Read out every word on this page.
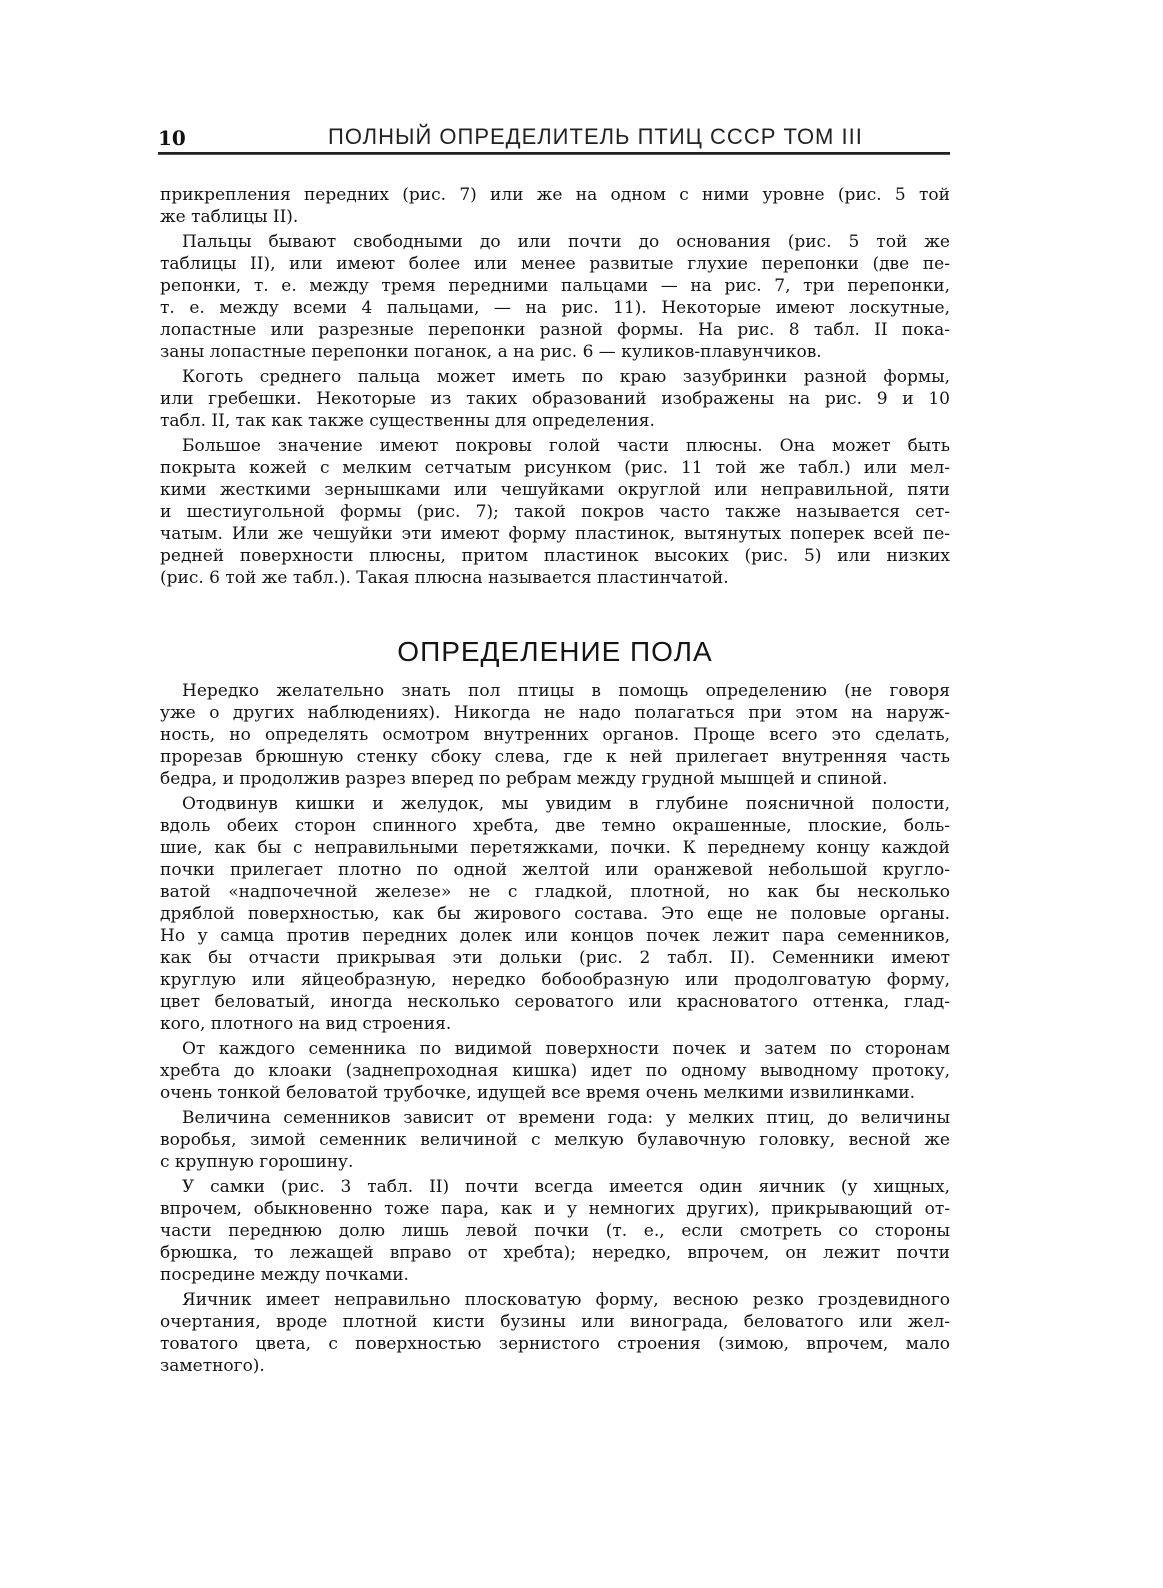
10	ПОЛНЫЙ ОПРЕДЕЛИТЕЛЬ ПТИЦ СССР ТОМ III
прикрепления передних (рис. 7) или же на одном с ними уровне (рис. 5 той
же таблицы II).
Пальцы бывают свободными до или почти до основания (рис. 5 той же
таблицы II), или имеют более или менее развитые глухие перепонки (две пе-
репонки, т. е. между тремя передними пальцами — на рис. 7, три перепонки,
т. е. между всеми 4 пальцами, — на рис. 11). Некоторые имеют лоскутные,
лопастные или разрезные перепонки разной формы. На рис. 8 табл. II пока-
заны лопастные перепонки поганок, а на рис. 6 — куликов-плавунчиков.
Коготь среднего пальца может иметь по краю зазубринки разной формы,
или гребешки. Некоторые из таких образований изображены на рис. 9 и 10
табл. II, так как также существенны для определения.
Большое значение имеют покровы голой части плюсны. Она может быть
покрыта кожей с мелким сетчатым рисунком (рис. 11 той же табл.) или мел-
кими жесткими зернышками или чешуйками округлой или неправильной, пяти
и шестиугольной формы (рис. 7); такой покров часто также называется сет-
чатым. Или же чешуйки эти имеют форму пластинок, вытянутых поперек всей пе-
редней поверхности плюсны, притом пластинок высоких (рис. 5) или низких
(рис. 6 той же табл.). Такая плюсна называется пластинчатой.
ОПРЕДЕЛЕНИЕ ПОЛА
Нередко желательно знать пол птицы в помощь определению (не говоря
уже о других наблюдениях). Никогда не надо полагаться при этом на наруж-
ность, но определять осмотром внутренних органов. Проще всего это сделать,
прорезав брюшную стенку сбоку слева, где к ней прилегает внутренняя часть
бедра, и продолжив разрез вперед по ребрам между грудной мышцей и спиной.
Отодвинув кишки и желудок, мы увидим в глубине поясничной полости,
вдоль обеих сторон спинного хребта, две темно окрашенные, плоские, боль-
шие, как бы с неправильными перетяжками, почки. К переднему концу каждой
почки прилегает плотно по одной желтой или оранжевой небольшой кругло-
ватой «надпочечной железе» не с гладкой, плотной, но как бы несколько
дряблой поверхностью, как бы жирового состава. Это еще не половые органы.
Но у самца против передних долек или концов почек лежит пара семенников,
как бы отчасти прикрывая эти дольки (рис. 2 табл. II). Семенники имеют
круглую или яйцеобразную, нередко бобообразную или продолговатую форму,
цвет беловатый, иногда несколько сероватого или красноватого оттенка, глад-
кого, плотного на вид строения.
От каждого семенника по видимой поверхности почек и затем по сторонам
хребта до клоаки (заднепроходная кишка) идет по одному выводному протоку,
очень тонкой беловатой трубочке, идущей все время очень мелкими извилинками.
Величина семенников зависит от времени года: у мелких птиц, до величины
воробья, зимой семенник величиной с мелкую булавочную головку, весной же
с крупную горошину.
У самки (рис. 3 табл. II) почти всегда имеется один яичник (у хищных,
впрочем, обыкновенно тоже пара, как и у немногих других), прикрывающий от-
части переднюю долю лишь левой почки (т. е., если смотреть со стороны
брюшка, то лежащей вправо от хребта); нередко, впрочем, он лежит почти
посредине между почками.
Яичник имеет неправильно плосковатую форму, весною резко гроздевидного
очертания, вроде плотной кисти бузины или винограда, беловатого или жел-
товатого цвета, с поверхностью зернистого строения (зимою, впрочем, мало
заметного).
